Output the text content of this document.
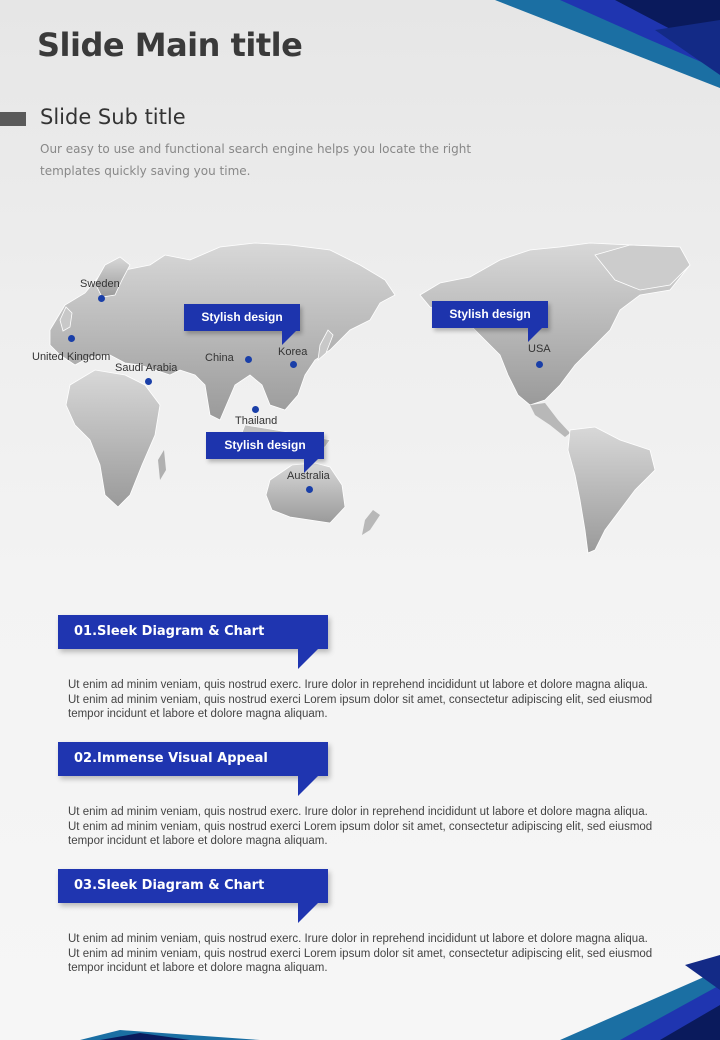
Slide Main title
Slide Sub title

Our easy to use and functional search engine helps you locate the right templates quickly saving you time.

Sweden
United Kingdom
Saudi Arabia
China	Korea
Thailand
Australia
USA
Stylish design	Stylish design
Stylish design
01.Sleek Diagram & Chart

Ut enim ad minim veniam, quis nostrud exerc. Irure dolor in reprehend incididunt ut labore et dolore magna aliqua. Ut enim ad minim veniam, quis nostrud exerci Lorem ipsum dolor sit amet, consectetur adipiscing elit, sed eiusmod tempor incidunt et labore et dolore magna aliquam.

02.Immense Visual Appeal

Ut enim ad minim veniam, quis nostrud exerc. Irure dolor in reprehend incididunt ut labore et dolore magna aliqua. Ut enim ad minim veniam, quis nostrud exerci Lorem ipsum dolor sit amet, consectetur adipiscing elit, sed eiusmod tempor incidunt et labore et dolore magna aliquam.

03.Sleek Diagram & Chart

Ut enim ad minim veniam, quis nostrud exerc. Irure dolor in reprehend incididunt ut labore et dolore magna aliqua. Ut enim ad minim veniam, quis nostrud exerci Lorem ipsum dolor sit amet, consectetur adipiscing elit, sed eiusmod tempor incidunt et labore et dolore magna aliquam.
